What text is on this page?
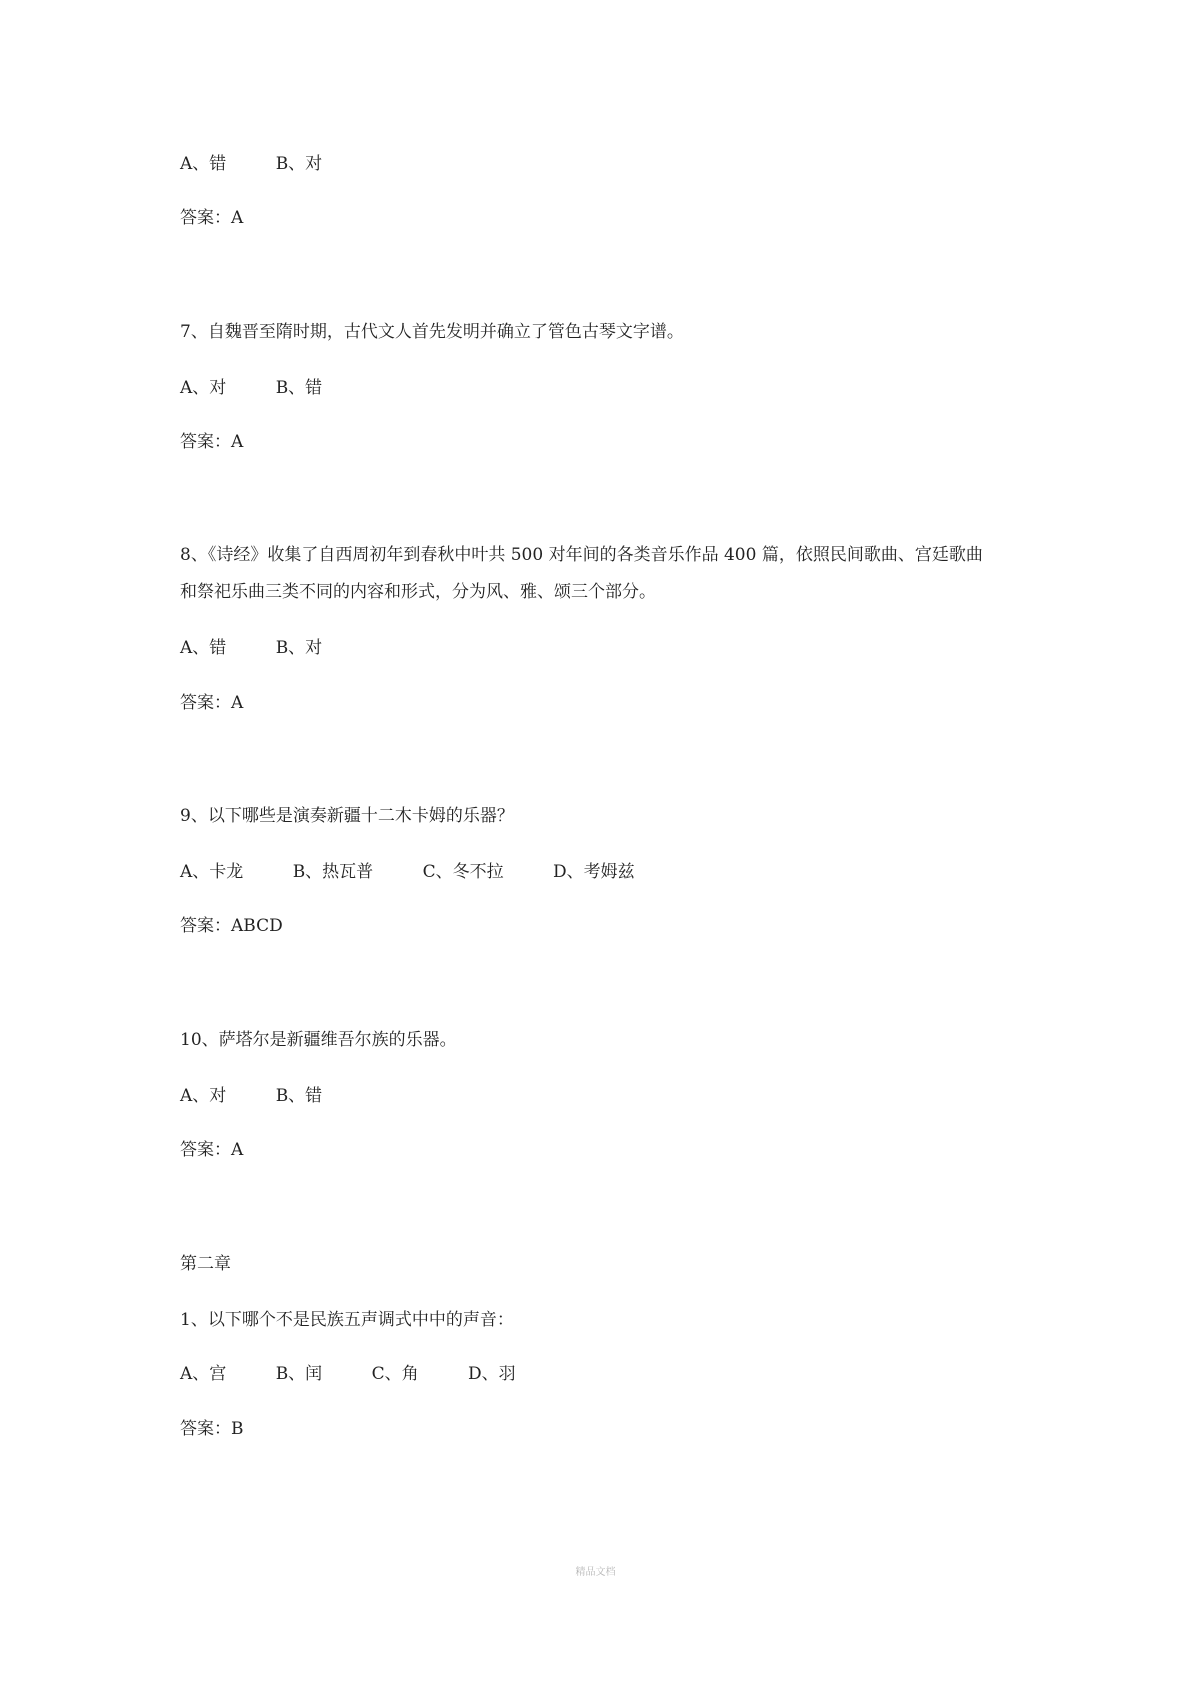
A、错	B、对
答案：A
7、自魏晋至隋时期，古代文人首先发明并确立了管色古琴文字谱。
A、对	B、错
答案：A
8、《诗经》收集了自西周初年到春秋中叶共 500 对年间的各类音乐作品 400 篇，依照民间歌曲、宫廷歌曲
和祭祀乐曲三类不同的内容和形式，分为风、雅、颂三个部分。
A、错	B、对
答案：A
9、以下哪些是演奏新疆十二木卡姆的乐器？
A、卡龙	B、热瓦普	C、冬不拉	D、考姆兹
答案：ABCD
10、萨塔尔是新疆维吾尔族的乐器。
A、对	B、错
答案：A
第二章
1、以下哪个不是民族五声调式中中的声音：
A、宫	B、闰	C、角	D、羽
答案：B
精品文档
